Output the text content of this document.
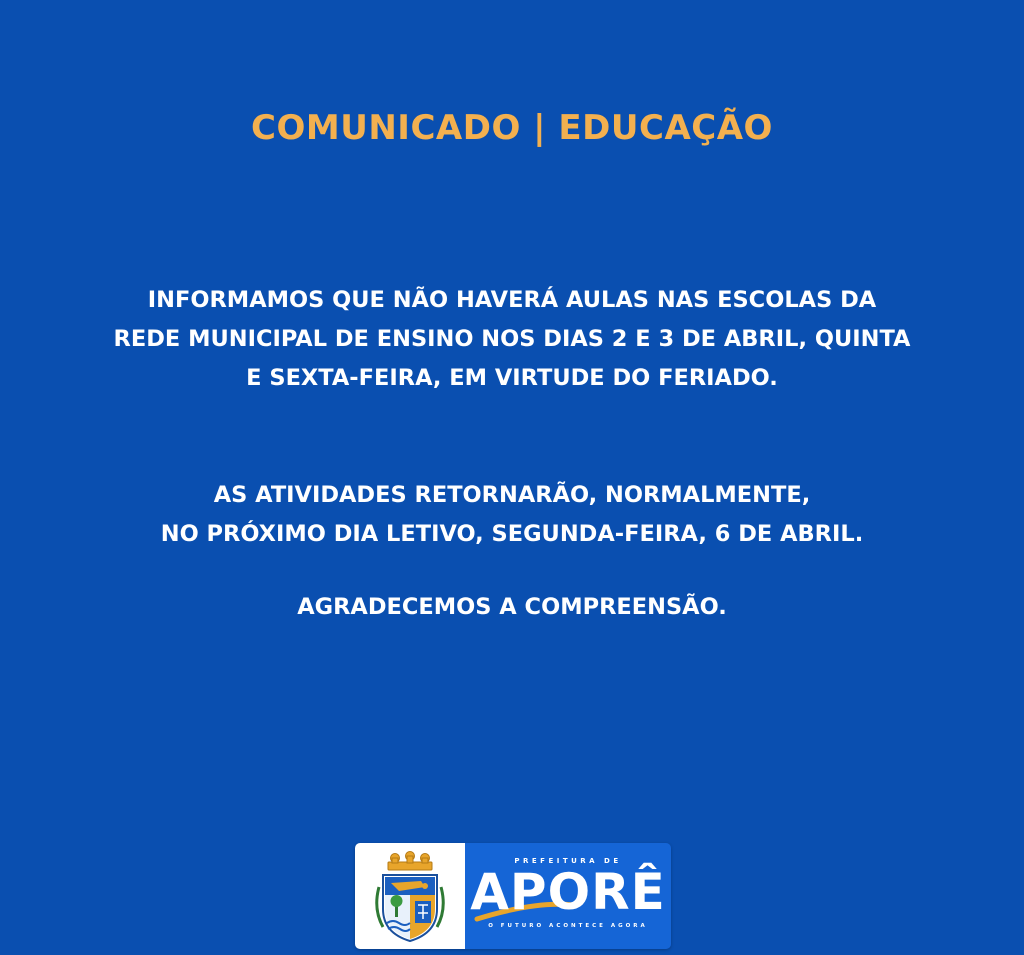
COMUNICADO | EDUCAÇÃO
INFORMAMOS QUE NÃO HAVERÁ AULAS NAS ESCOLAS DA
REDE MUNICIPAL DE ENSINO NOS DIAS 2 E 3 DE ABRIL, QUINTA
E SEXTA-FEIRA, EM VIRTUDE DO FERIADO.
AS ATIVIDADES RETORNARÃO, NORMALMENTE,
NO PRÓXIMO DIA LETIVO, SEGUNDA-FEIRA, 6 DE ABRIL.
AGRADECEMOS A COMPREENSÃO.
PREFEITURA DE
APORÊ
O FUTURO ACONTECE AGORA
